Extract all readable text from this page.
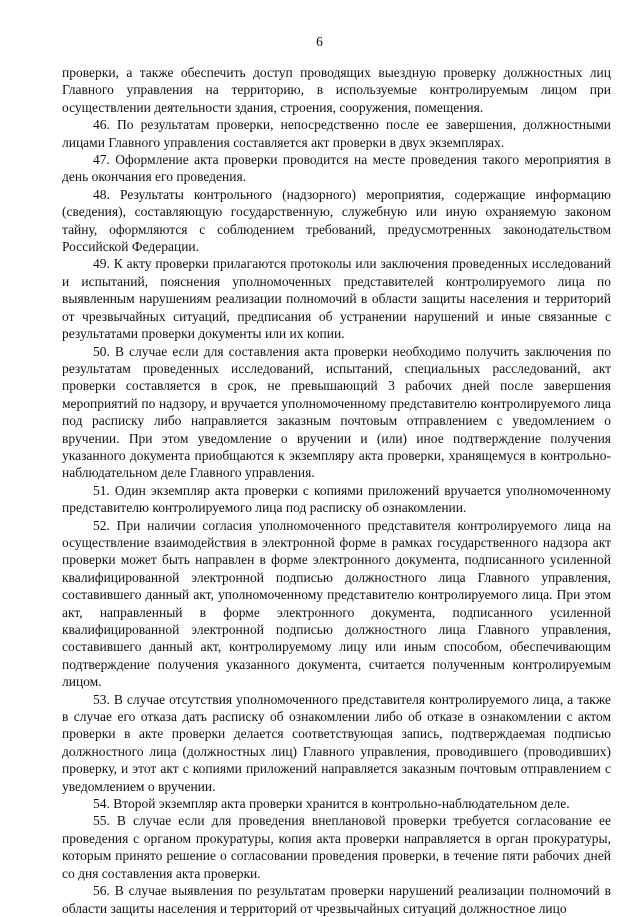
6

проверки, а также обеспечить доступ проводящих выездную проверку должностных лиц Главного управления на территорию, в используемые контролируемым лицом при осуществлении деятельности здания, строения, сооружения, помещения.

46. По результатам проверки, непосредственно после ее завершения, должностными лицами Главного управления составляется акт проверки в двух экземплярах.

47. Оформление акта проверки проводится на месте проведения такого мероприятия в день окончания его проведения.

48. Результаты контрольного (надзорного) мероприятия, содержащие информацию (сведения), составляющую государственную, служебную или иную охраняемую законом тайну, оформляются с соблюдением требований, предусмотренных законодательством Российской Федерации.

49. К акту проверки прилагаются протоколы или заключения проведенных исследований и испытаний, пояснения уполномоченных представителей контролируемого лица по выявленным нарушениям реализации полномочий в области защиты населения и территорий от чрезвычайных ситуаций, предписания об устранении нарушений и иные связанные с результатами проверки документы или их копии.

50. В случае если для составления акта проверки необходимо получить заключения по результатам проведенных исследований, испытаний, специальных расследований, акт проверки составляется в срок, не превышающий 3 рабочих дней после завершения мероприятий по надзору, и вручается уполномоченному представителю контролируемого лица под расписку либо направляется заказным почтовым отправлением с уведомлением о вручении. При этом уведомление о вручении и (или) иное подтверждение получения указанного документа приобщаются к экземпляру акта проверки, хранящемуся в контрольно-наблюдательном деле Главного управления.

51. Один экземпляр акта проверки с копиями приложений вручается уполномоченному представителю контролируемого лица под расписку об ознакомлении.

52. При наличии согласия уполномоченного представителя контролируемого лица на осуществление взаимодействия в электронной форме в рамках государственного надзора акт проверки может быть направлен в форме электронного документа, подписанного усиленной квалифицированной электронной подписью должностного лица Главного управления, составившего данный акт, уполномоченному представителю контролируемого лица. При этом акт, направленный в форме электронного документа, подписанного усиленной квалифицированной электронной подписью должностного лица Главного управления, составившего данный акт, контролируемому лицу или иным способом, обеспечивающим подтверждение получения указанного документа, считается полученным контролируемым лицом.

53. В случае отсутствия уполномоченного представителя контролируемого лица, а также в случае его отказа дать расписку об ознакомлении либо об отказе в ознакомлении с актом проверки в акте проверки делается соответствующая запись, подтверждаемая подписью должностного лица (должностных лиц) Главного управления, проводившего (проводивших) проверку, и этот акт с копиями приложений направляется заказным почтовым отправлением с уведомлением о вручении.

54. Второй экземпляр акта проверки хранится в контрольно-наблюдательном деле.

55. В случае если для проведения внеплановой проверки требуется согласование ее проведения с органом прокуратуры, копия акта проверки направляется в орган прокуратуры, которым принято решение о согласовании проведения проверки, в течение пяти рабочих дней со дня составления акта проверки.

56. В случае выявления по результатам проверки нарушений реализации полномочий в области защиты населения и территорий от чрезвычайных ситуаций должностное лицо
